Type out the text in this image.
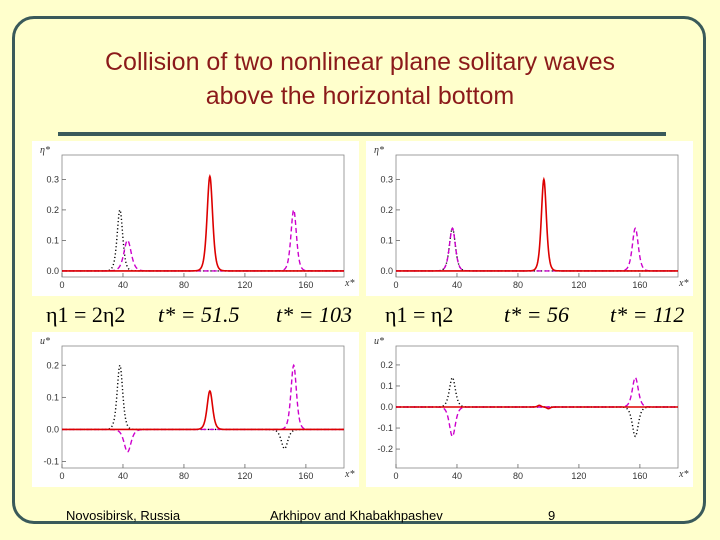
Collision of two nonlinear plane solitary waves
above the horizontal bottom
0.0
0.1
0.2
0.3
0	40	80	120	160
η*
x*
0.0
0.1
0.2
0.3
0	40	80	120	160
η*
x*
-0.1
0.0
0.1
0.2
0	40	80	120	160
u*
x*
-0.2
-0.1
0.0
0.1
0.2
0	40	80	120	160
u*
x*
η1 = 2η2 t* = 51.5 t* = 103 η1 = η2 t* = 56 t* = 112
Novosibirsk, Russia	Arkhipov and Khabakhpashev	9
